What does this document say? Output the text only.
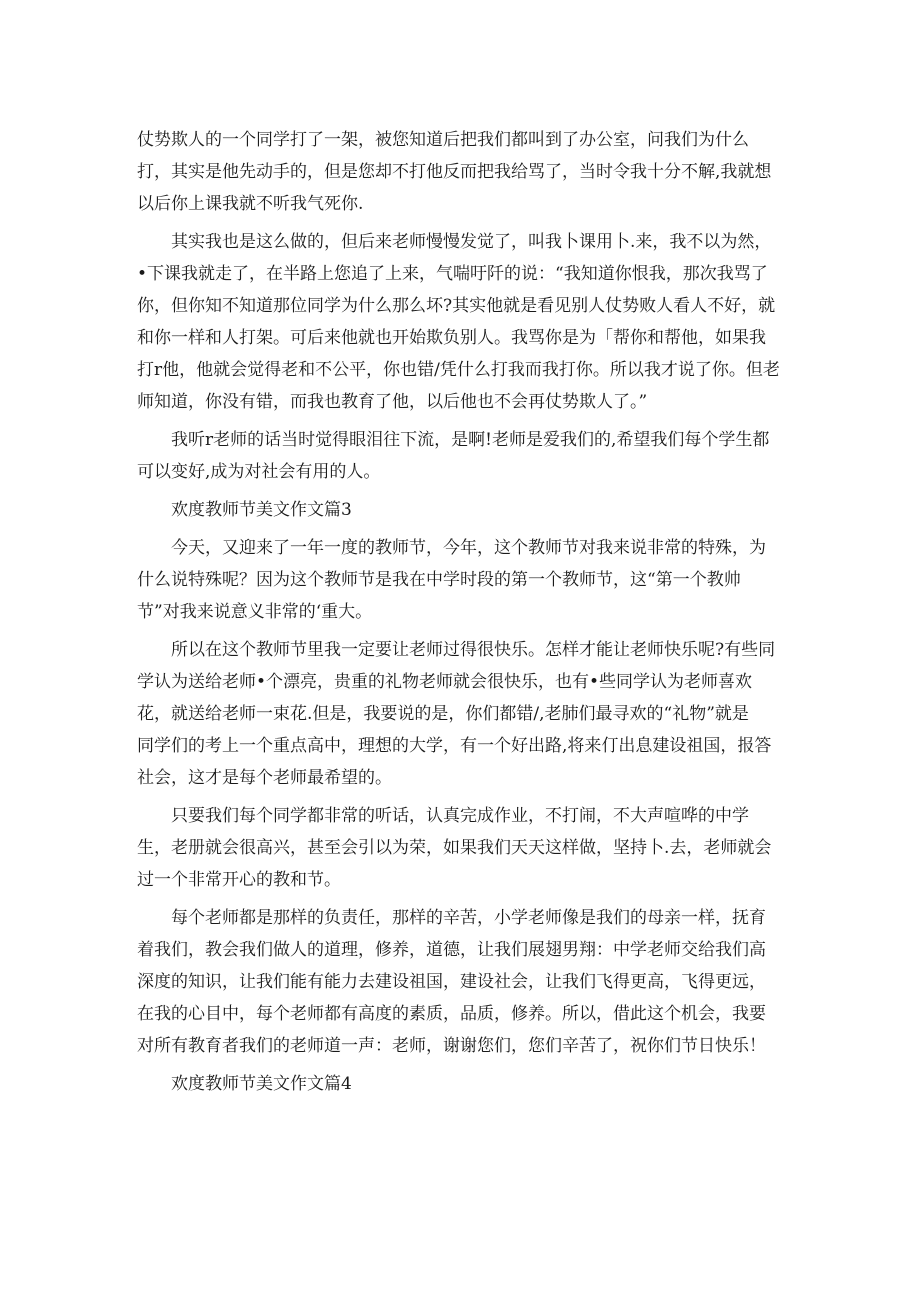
仗势欺人的一个同学打了一架，被您知道后把我们都叫到了办公室，问我们为什么
打，其实是他先动手的，但是您却不打他反而把我给骂了，当时令我十分不解,我就想
以后你上课我就不听我气死你.
其实我也是这么做的，但后来老师慢慢发觉了，叫我卜课用卜.来，我不以为然，
•下课我就走了，在半路上您追了上来，气喘吁阡的说：“我知道你恨我，那次我骂了
你，但你知不知道那位同学为什么那么坏?其实他就是看见别人仗势败人看人不好，就
和你一样和人打架。可后来他就也开始欺负别人。我骂你是为「帮你和帮他，如果我
打r他，他就会觉得老和不公平，你也错/凭什么打我而我打你。所以我才说了你。但老
师知道，你没有错，而我也教育了他，以后他也不会再仗势欺人了。”
我听r老师的话当时觉得眼泪往下流，是啊!老师是爱我们的,希望我们每个学生都
可以变好,成为对社会有用的人。
欢度教师节美文作文篇3
今天，又迎来了一年一度的教师节，今年，这个教师节对我来说非常的特殊，为
什么说特殊呢？因为这个教师节是我在中学时段的第一个教师节，这“第一个教帅
节”对我来说意义非常的‘重大。
所以在这个教师节里我一定要让老师过得很快乐。怎样才能让老师快乐呢?有些同
学认为送给老师•个漂亮，贵重的礼物老师就会很快乐，也有•些同学认为老师喜欢
花，就送给老师一束花.但是，我要说的是，你们都错/,老肺们最寻欢的“礼物”就是
同学们的考上一个重点高中，理想的大学，有一个好出路,将来仃出息建设祖国，报答
社会，这才是每个老师最希望的。
只要我们每个同学都非常的听话，认真完成作业，不打闹，不大声喧哗的中学
生，老册就会很高兴，甚至会引以为荣，如果我们天天这样做，坚持卜.去，老师就会
过一个非常开心的教和节。
每个老师都是那样的负责任，那样的辛苦，小学老师像是我们的母亲一样，抚育
着我们，教会我们做人的道理，修养，道德，让我们展翅男翔：中学老师交给我们高
深度的知识，让我们能有能力去建设祖国，建设社会，让我们飞得更高，飞得更远，
在我的心目中，每个老师都有高度的素质，品质，修养。所以，借此这个机会，我要
对所有教育者我们的老师道一声：老师，谢谢您们，您们辛苦了，祝你们节日快乐！
欢度教师节美文作文篇4
